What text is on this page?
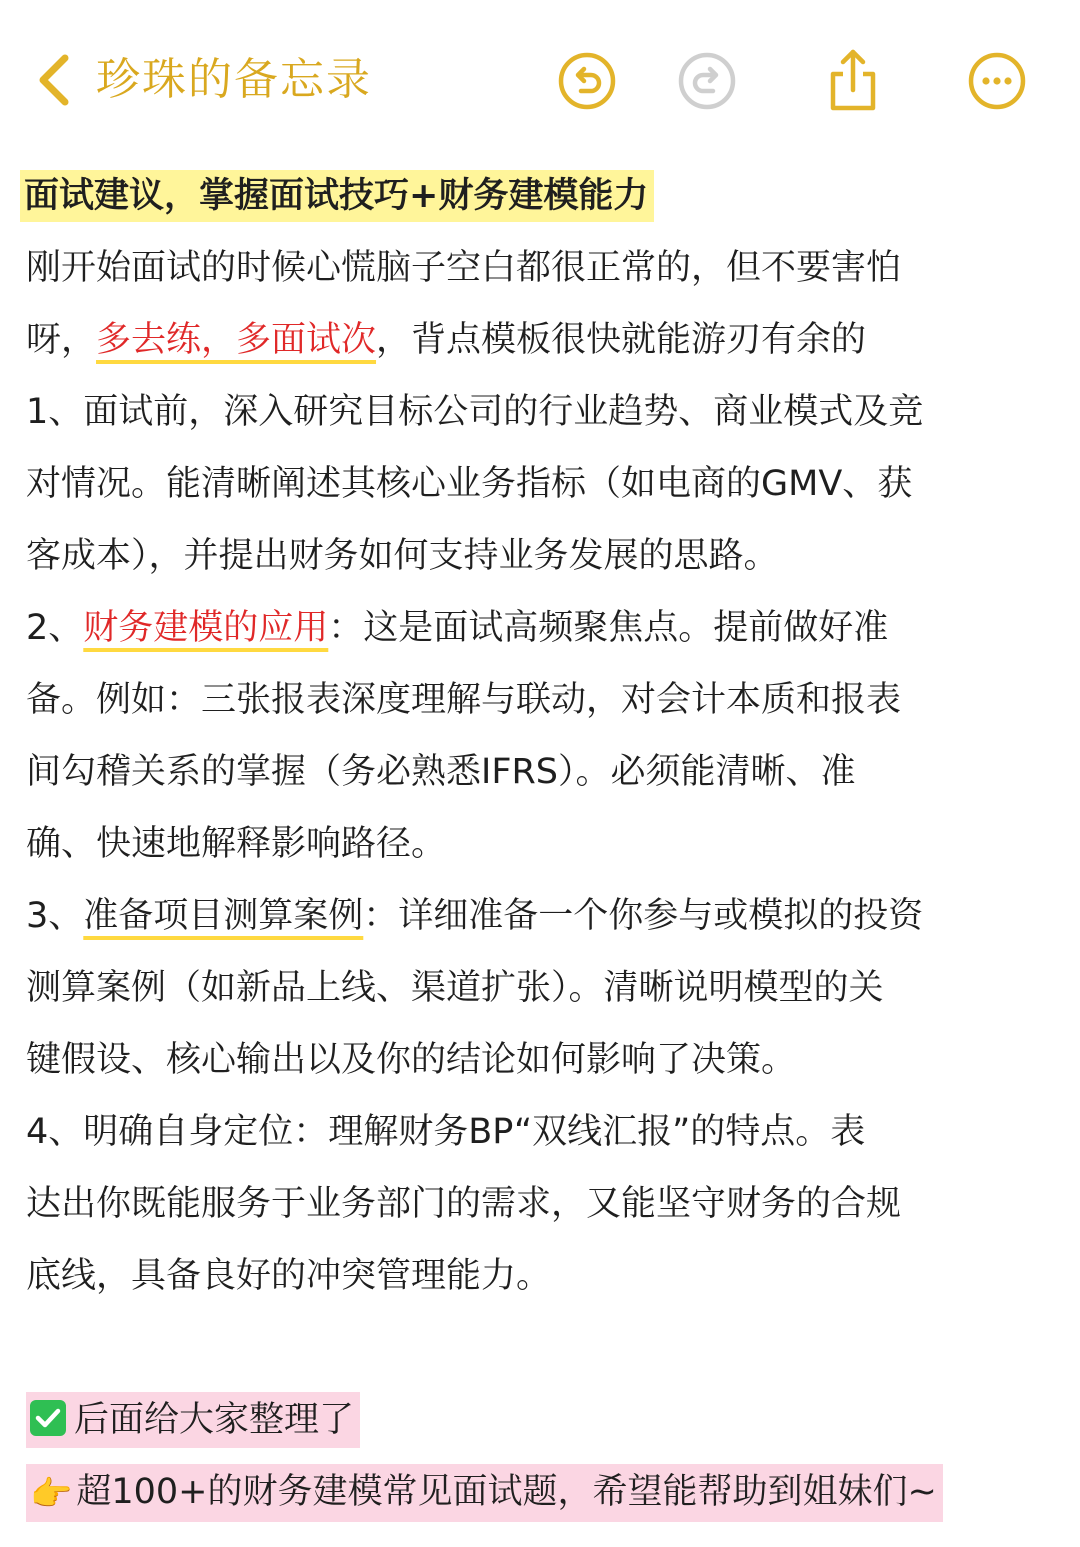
珍珠的备忘录
面试建议，掌握面试技巧+财务建模能力
刚开始面试的时候心慌脑子空白都很正常的，但不要害怕
呀，多去练，多面试次，背点模板很快就能游刃有余的
1、面试前，深入研究目标公司的行业趋势、商业模式及竞
对情况。能清晰阐述其核心业务指标（如电商的GMV、获
客成本），并提出财务如何支持业务发展的思路。
2、财务建模的应用：这是面试高频聚焦点。提前做好准
备。例如：三张报表深度理解与联动，对会计本质和报表
间勾稽关系的掌握（务必熟悉IFRS）。必须能清晰、准
确、快速地解释影响路径。
3、准备项目测算案例：详细准备一个你参与或模拟的投资
测算案例（如新品上线、渠道扩张）。清晰说明模型的关
键假设、核心输出以及你的结论如何影响了决策。
4、明确自身定位：理解财务BP“双线汇报”的特点。表
达出你既能服务于业务部门的需求，又能坚守财务的合规
底线，具备良好的冲突管理能力。
后面给大家整理了
👉 超100+的财务建模常见面试题，希望能帮助到姐妹们~
